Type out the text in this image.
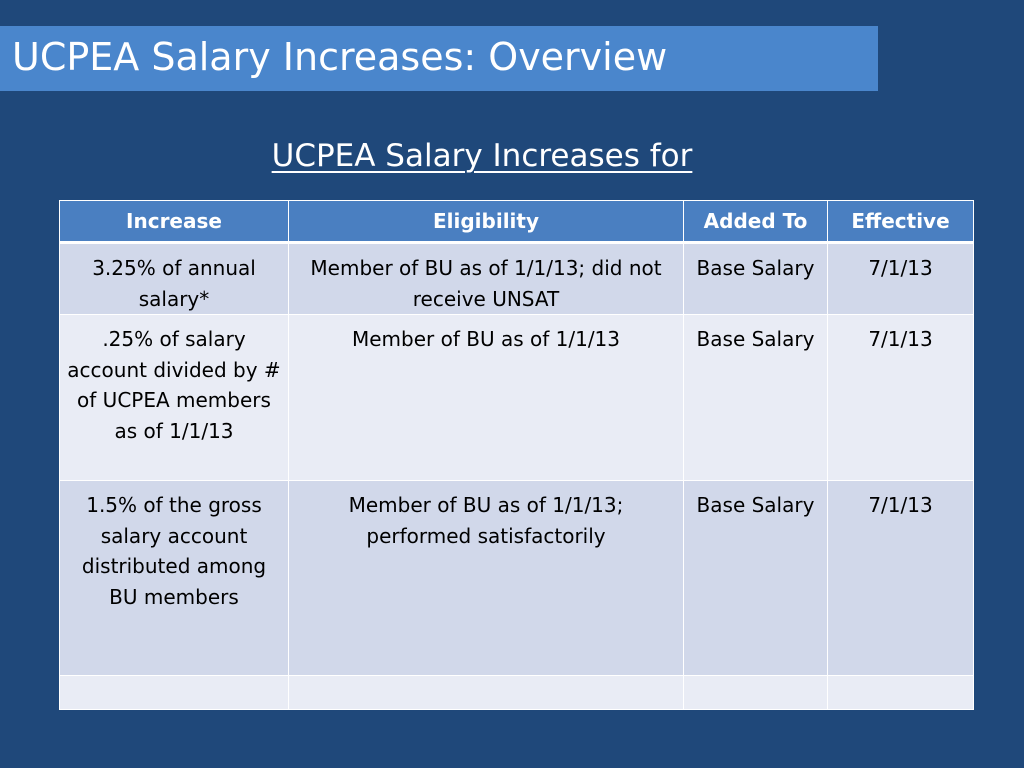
UCPEA Salary Increases: Overview
UCPEA Salary Increases for
Increase	Eligibility	Added To	Effective
3.25% of annual salary*	Member of BU as of 1/1/13; did not receive UNSAT	Base Salary	7/1/13
.25% of salary account divided by # of UCPEA members as of 1/1/13	Member of BU as of 1/1/13	Base Salary	7/1/13
1.5% of the gross salary account distributed among BU members	Member of BU as of 1/1/13; performed satisfactorily	Base Salary	7/1/13
